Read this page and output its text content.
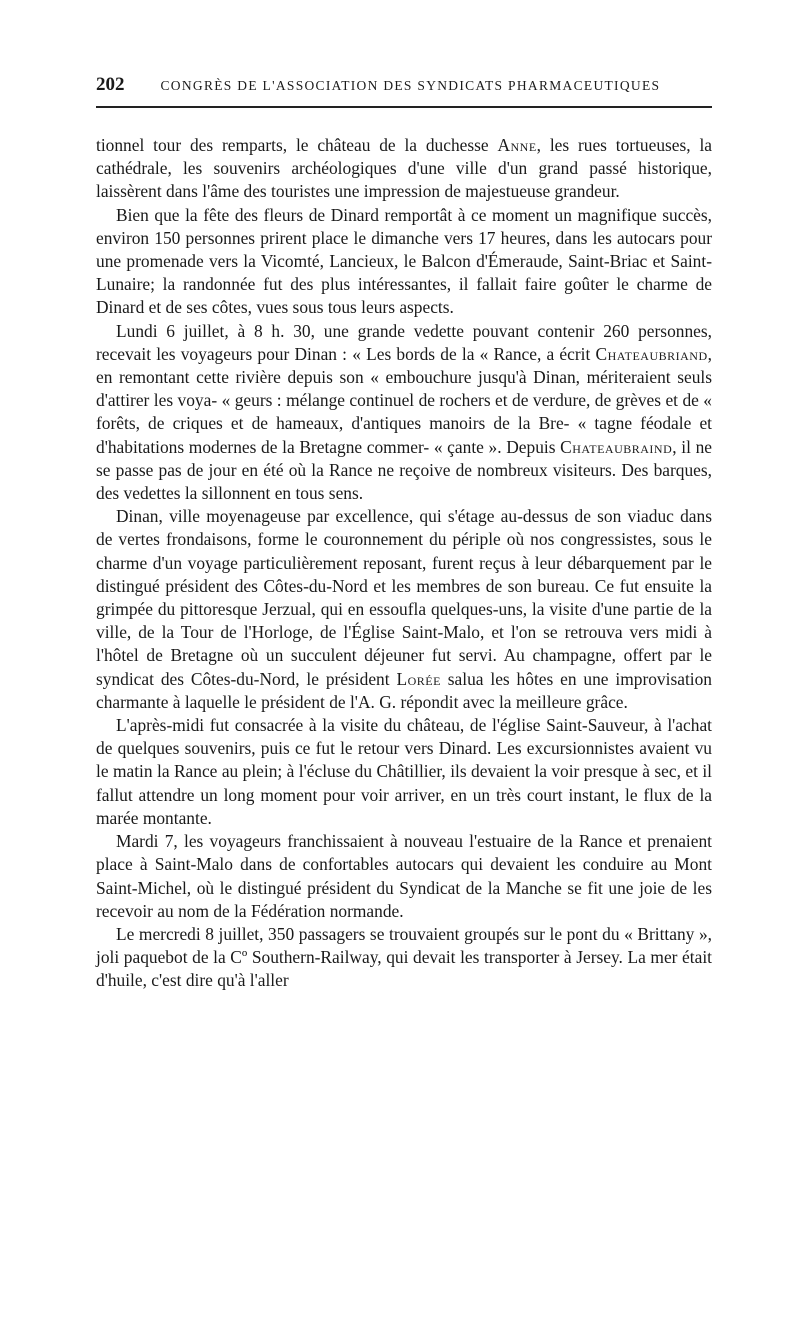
202	CONGRÈS DE L'ASSOCIATION DES SYNDICATS PHARMACEUTIQUES

tionnel tour des remparts, le château de la duchesse Anne, les rues tortueuses, la cathédrale, les souvenirs archéologiques d'une ville d'un grand passé historique, laissèrent dans l'âme des touristes une impression de majestueuse grandeur.

Bien que la fête des fleurs de Dinard remportât à ce moment un magnifique succès, environ 150 personnes prirent place le dimanche vers 17 heures, dans les autocars pour une promenade vers la Vicomté, Lancieux, le Balcon d'Émeraude, Saint-Briac et Saint-Lunaire; la randonnée fut des plus intéressantes, il fallait faire goûter le charme de Dinard et de ses côtes, vues sous tous leurs aspects.

Lundi 6 juillet, à 8 h. 30, une grande vedette pouvant contenir 260 personnes, recevait les voyageurs pour Dinan : « Les bords de la « Rance, a écrit Chateaubriand, en remontant cette rivière depuis son « embouchure jusqu'à Dinan, mériteraient seuls d'attirer les voya- « geurs : mélange continuel de rochers et de verdure, de grèves et de « forêts, de criques et de hameaux, d'antiques manoirs de la Bre- « tagne féodale et d'habitations modernes de la Bretagne commer- « çante ». Depuis Chateaubraind, il ne se passe pas de jour en été où la Rance ne reçoive de nombreux visiteurs. Des barques, des vedettes la sillonnent en tous sens.

Dinan, ville moyenageuse par excellence, qui s'étage au-dessus de son viaduc dans de vertes frondaisons, forme le couronnement du périple où nos congressistes, sous le charme d'un voyage particulièrement reposant, furent reçus à leur débarquement par le distingué président des Côtes-du-Nord et les membres de son bureau. Ce fut ensuite la grimpée du pittoresque Jerzual, qui en essoufla quelques-uns, la visite d'une partie de la ville, de la Tour de l'Horloge, de l'Église Saint-Malo, et l'on se retrouva vers midi à l'hôtel de Bretagne où un succulent déjeuner fut servi. Au champagne, offert par le syndicat des Côtes-du-Nord, le président Lorée salua les hôtes en une improvisation charmante à laquelle le président de l'A. G. répondit avec la meilleure grâce.

L'après-midi fut consacrée à la visite du château, de l'église Saint-Sauveur, à l'achat de quelques souvenirs, puis ce fut le retour vers Dinard. Les excursionnistes avaient vu le matin la Rance au plein; à l'écluse du Châtillier, ils devaient la voir presque à sec, et il fallut attendre un long moment pour voir arriver, en un très court instant, le flux de la marée montante.

Mardi 7, les voyageurs franchissaient à nouveau l'estuaire de la Rance et prenaient place à Saint-Malo dans de confortables autocars qui devaient les conduire au Mont Saint-Michel, où le distingué président du Syndicat de la Manche se fit une joie de les recevoir au nom de la Fédération normande.

Le mercredi 8 juillet, 350 passagers se trouvaient groupés sur le pont du « Brittany », joli paquebot de la Cº Southern-Railway, qui devait les transporter à Jersey. La mer était d'huile, c'est dire qu'à l'aller
